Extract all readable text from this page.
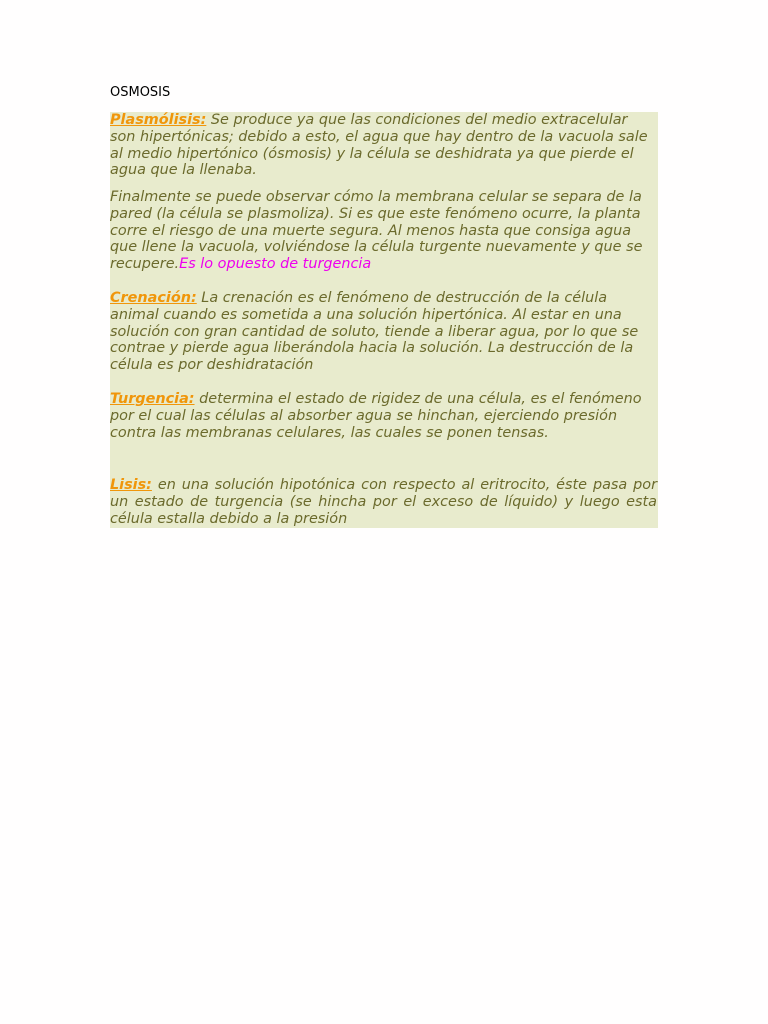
OSMOSIS

Plasmólisis: Se produce ya que las condiciones del medio extracelular son hipertónicas; debido a esto, el agua que hay dentro de la vacuola sale al medio hipertónico (ósmosis) y la célula se deshidrata ya que pierde el agua que la llenaba.

Finalmente se puede observar cómo la membrana celular se separa de la pared (la célula se plasmoliza). Si es que este fenómeno ocurre, la planta corre el riesgo de una muerte segura. Al menos hasta que consiga agua que llene la vacuola, volviéndose la célula turgente nuevamente y que se recupere.Es lo opuesto de turgencia

Crenación: La crenación es el fenómeno de destrucción de la célula animal cuando es sometida a una solución hipertónica. Al estar en una solución con gran cantidad de soluto, tiende a liberar agua, por lo que se contrae y pierde agua liberándola hacia la solución. La destrucción de la célula es por deshidratación

Turgencia: determina el estado de rigidez de una célula, es el fenómeno por el cual las células al absorber agua se hinchan, ejerciendo presión contra las membranas celulares, las cuales se ponen tensas.

Lisis: en una solución hipotónica con respecto al eritrocito, éste pasa por un estado de turgencia (se hincha por el exceso de líquido) y luego esta célula estalla debido a la presión
